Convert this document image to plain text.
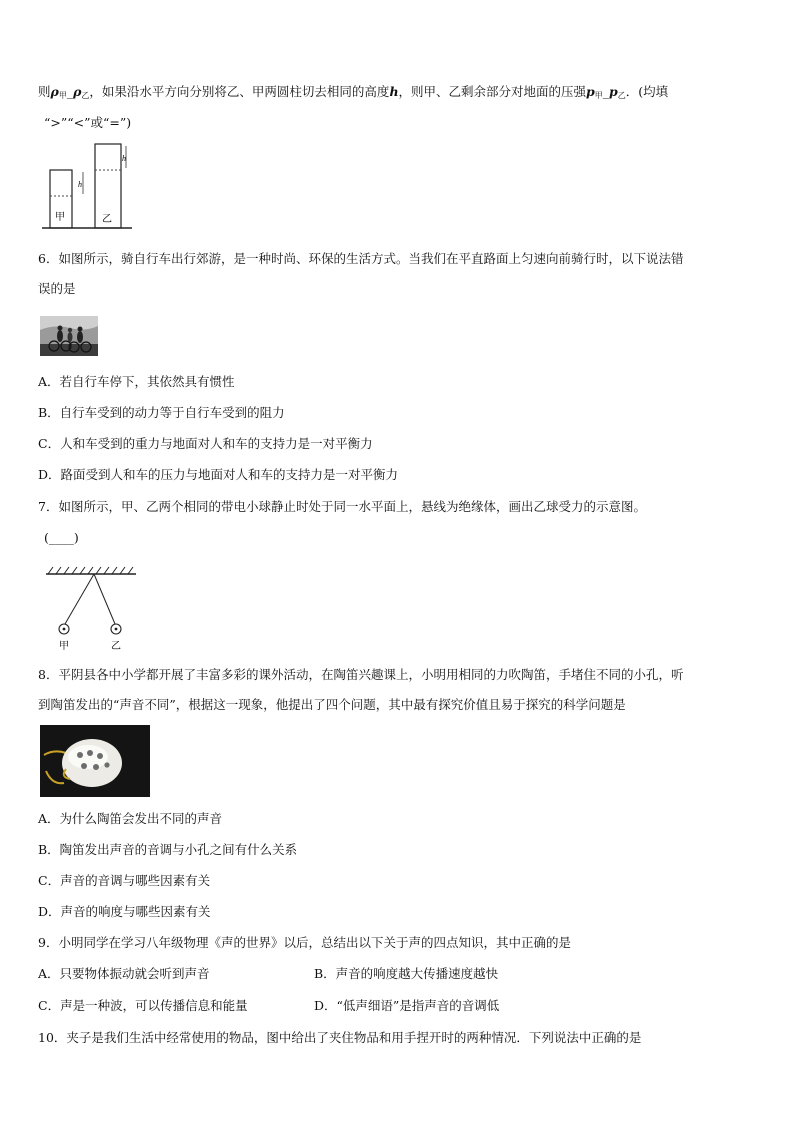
则$\rho_甲\_\rho_乙$，如果沿水平方向分别将乙、甲两圆柱切去相同的高度h，则甲、乙剩余部分对地面的压强$p_甲\_p_乙$．(均填
“>”“<”或“=”)
h
h
甲	乙
6．如图所示，骑自行车出行郊游，是一种时尚、环保的生活方式。当我们在平直路面上匀速向前骑行时，以下说法错
误的是
A．若自行车停下，其依然具有惯性
B．自行车受到的动力等于自行车受到的阻力
C．人和车受到的重力与地面对人和车的支持力是一对平衡力
D．路面受到人和车的压力与地面对人和车的支持力是一对平衡力
7．如图所示，甲、乙两个相同的带电小球静止时处于同一水平面上，悬线为绝缘体，画出乙球受力的示意图。
(____)
甲	乙
8．平阴县各中小学都开展了丰富多彩的课外活动，在陶笛兴趣课上，小明用相同的力吹陶笛，手堵住不同的小孔，听
到陶笛发出的“声音不同”，根据这一现象，他提出了四个问题，其中最有探究价值且易于探究的科学问题是
A．为什么陶笛会发出不同的声音
B．陶笛发出声音的音调与小孔之间有什么关系
C．声音的音调与哪些因素有关
D．声音的响度与哪些因素有关
9．小明同学在学习八年级物理《声的世界》以后，总结出以下关于声的四点知识，其中正确的是
A．只要物体振动就会听到声音	B．声音的响度越大传播速度越快
C．声是一种波，可以传播信息和能量	D．“低声细语”是指声音的音调低
10．夹子是我们生活中经常使用的物品，图中给出了夹住物品和用手捏开时的两种情况．下列说法中正确的是
